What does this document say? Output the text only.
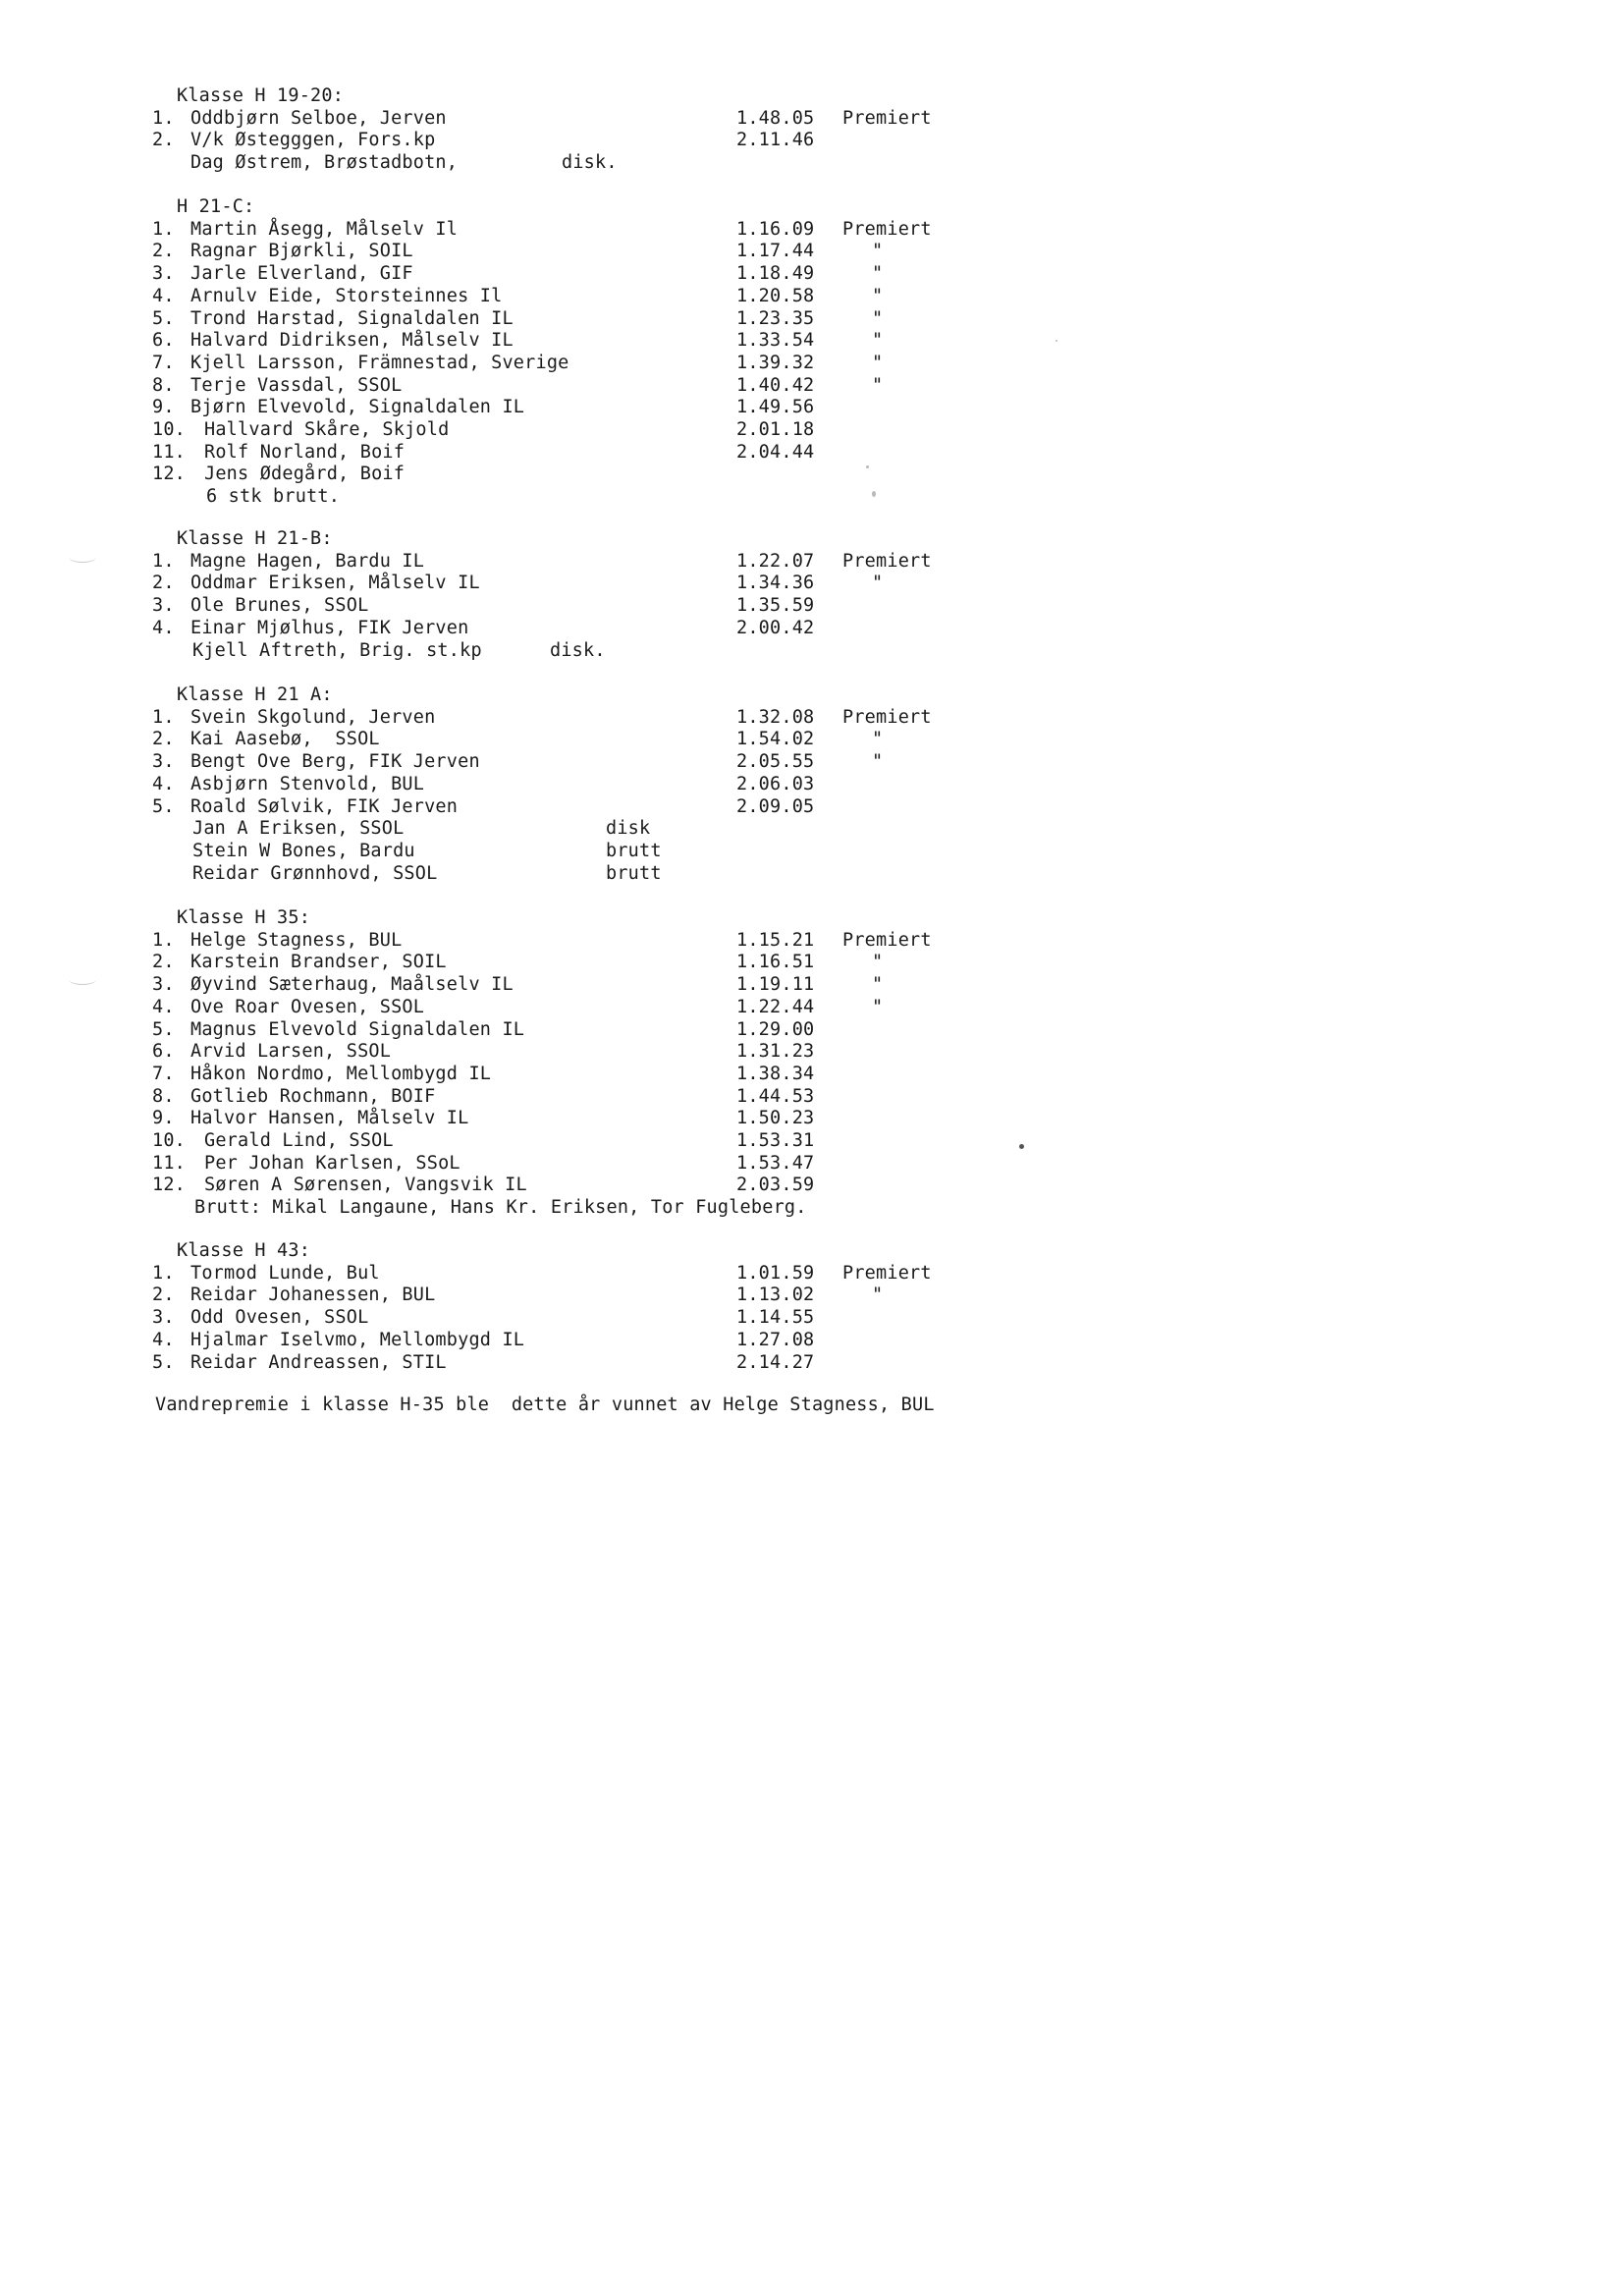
Klasse H 19-20:
1. Oddbjørn Selboe, Jerven	1.48.05 Premiert
2. V/k Østegggen, Fors.kp	2.11.46
Dag Østrem, Brøstadbotn,	disk.
H 21-C:
1. Martin Åsegg, Målselv Il	1.16.09 Premiert
2. Ragnar Bjørkli, SOIL	1.17.44	"
3. Jarle Elverland, GIF	1.18.49	"
4. Arnulv Eide, Storsteinnes Il	1.20.58	"
5. Trond Harstad, Signaldalen IL	1.23.35	"
6. Halvard Didriksen, Målselv IL	1.33.54	"
7. Kjell Larsson, Främnestad, Sverige	1.39.32	"
8. Terje Vassdal, SSOL	1.40.42	"
9. Bjørn Elvevold, Signaldalen IL	1.49.56
10. Hallvard Skåre, Skjold	2.01.18
11. Rolf Norland, Boif	2.04.44
12. Jens Ødegård, Boif
6 stk brutt.
Klasse H 21-B:
1. Magne Hagen, Bardu IL	1.22.07 Premiert
2. Oddmar Eriksen, Målselv IL	1.34.36	"
3. Ole Brunes, SSOL	1.35.59
4. Einar Mjølhus, FIK Jerven	2.00.42
Kjell Aftreth, Brig. st.kp	disk.
Klasse H 21 A:
1. Svein Skgolund, Jerven	1.32.08 Premiert
2. Kai Aasebø,  SSOL	1.54.02	"
3. Bengt Ove Berg, FIK Jerven	2.05.55	"
4. Asbjørn Stenvold, BUL	2.06.03
5. Roald Sølvik, FIK Jerven	2.09.05
Jan A Eriksen, SSOL	disk
Stein W Bones, Bardu	brutt
Reidar Grønnhovd, SSOL	brutt
Klasse H 35:
1. Helge Stagness, BUL	1.15.21 Premiert
2. Karstein Brandser, SOIL	1.16.51	"
3. Øyvind Sæterhaug, Maålselv IL	1.19.11	"
4. Ove Roar Ovesen, SSOL	1.22.44	"
5. Magnus Elvevold Signaldalen IL	1.29.00
6. Arvid Larsen, SSOL	1.31.23
7. Håkon Nordmo, Mellombygd IL	1.38.34
8. Gotlieb Rochmann, BOIF	1.44.53
9. Halvor Hansen, Målselv IL	1.50.23
10. Gerald Lind, SSOL	1.53.31
11. Per Johan Karlsen, SSoL	1.53.47
12. Søren A Sørensen, Vangsvik IL	2.03.59
Brutt: Mikal Langaune, Hans Kr. Eriksen, Tor Fugleberg.
Klasse H 43:
1. Tormod Lunde, Bul	1.01.59 Premiert
2. Reidar Johanessen, BUL	1.13.02	"
3. Odd Ovesen, SSOL	1.14.55
4. Hjalmar Iselvmo, Mellombygd IL	1.27.08
5. Reidar Andreassen, STIL	2.14.27
Vandrepremie i klasse H-35 ble  dette år vunnet av Helge Stagness, BUL
